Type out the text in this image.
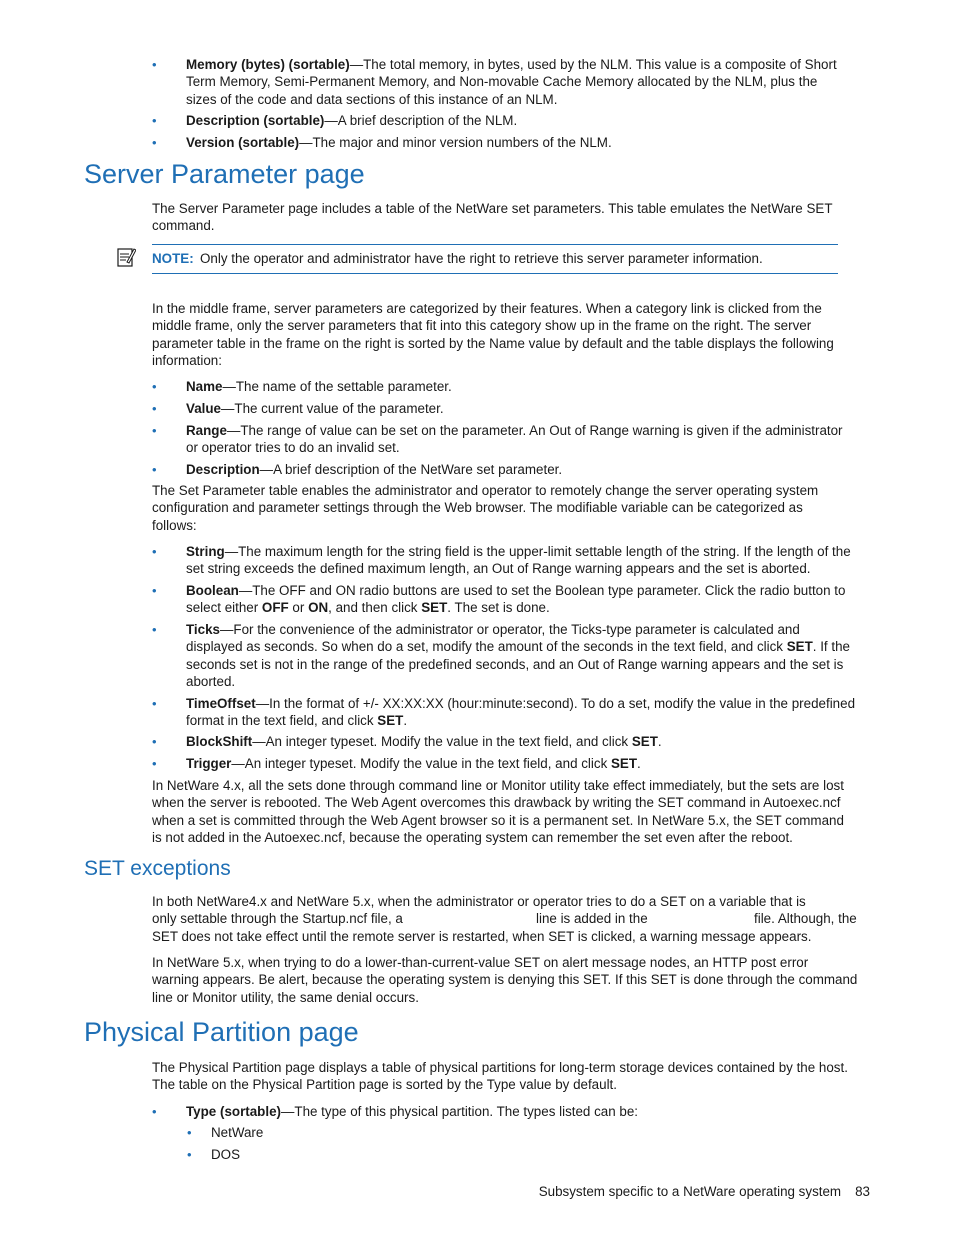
• Memory (bytes) (sortable)—The total memory, in bytes, used by the NLM. This value is a composite of Short
Term Memory, Semi-Permanent Memory, and Non-movable Cache Memory allocated by the NLM, plus the
sizes of the code and data sections of this instance of an NLM.
• Description (sortable)—A brief description of the NLM.
• Version (sortable)—The major and minor version numbers of the NLM.
Server Parameter page
The Server Parameter page includes a table of the NetWare set parameters. This table emulates the NetWare SET
command.
NOTE: Only the operator and administrator have the right to retrieve this server parameter information.
In the middle frame, server parameters are categorized by their features. When a category link is clicked from the
middle frame, only the server parameters that fit into this category show up in the frame on the right. The server
parameter table in the frame on the right is sorted by the Name value by default and the table displays the following
information:
• Name—The name of the settable parameter.
• Value—The current value of the parameter.
• Range—The range of value can be set on the parameter. An Out of Range warning is given if the administrator
or operator tries to do an invalid set.
• Description—A brief description of the NetWare set parameter.
The Set Parameter table enables the administrator and operator to remotely change the server operating system
configuration and parameter settings through the Web browser. The modifiable variable can be categorized as
follows:
• String—The maximum length for the string field is the upper-limit settable length of the string. If the length of the
set string exceeds the defined maximum length, an Out of Range warning appears and the set is aborted.
• Boolean—The OFF and ON radio buttons are used to set the Boolean type parameter. Click the radio button to
select either OFF or ON, and then click SET. The set is done.
• Ticks—For the convenience of the administrator or operator, the Ticks-type parameter is calculated and
displayed as seconds. So when do a set, modify the amount of the seconds in the text field, and click SET. If the
seconds set is not in the range of the predefined seconds, and an Out of Range warning appears and the set is
aborted.
• TimeOffset—In the format of +/- XX:XX:XX (hour:minute:second). To do a set, modify the value in the predefined
format in the text field, and click SET.
• BlockShift—An integer typeset. Modify the value in the text field, and click SET.
• Trigger—An integer typeset. Modify the value in the text field, and click SET.
In NetWare 4.x, all the sets done through command line or Monitor utility take effect immediately, but the sets are lost
when the server is rebooted. The Web Agent overcomes this drawback by writing the SET command in Autoexec.ncf
when a set is committed through the Web Agent browser so it is a permanent set. In NetWare 5.x, the SET command
is not added in the Autoexec.ncf, because the operating system can remember the set even after the reboot.
SET exceptions
In both NetWare4.x and NetWare 5.x, when the administrator or operator tries to do a SET on a variable that is
only settable through the Startup.ncf file, a	line is added in the	file. Although, the
SET does not take effect until the remote server is restarted, when SET is clicked, a warning message appears.
In NetWare 5.x, when trying to do a lower-than-current-value SET on alert message nodes, an HTTP post error
warning appears. Be alert, because the operating system is denying this SET. If this SET is done through the command
line or Monitor utility, the same denial occurs.
Physical Partition page
The Physical Partition page displays a table of physical partitions for long-term storage devices contained by the host.
The table on the Physical Partition page is sorted by the Type value by default.
• Type (sortable)—The type of this physical partition. The types listed can be:
• NetWare
• DOS
Subsystem specific to a NetWare operating system 83
